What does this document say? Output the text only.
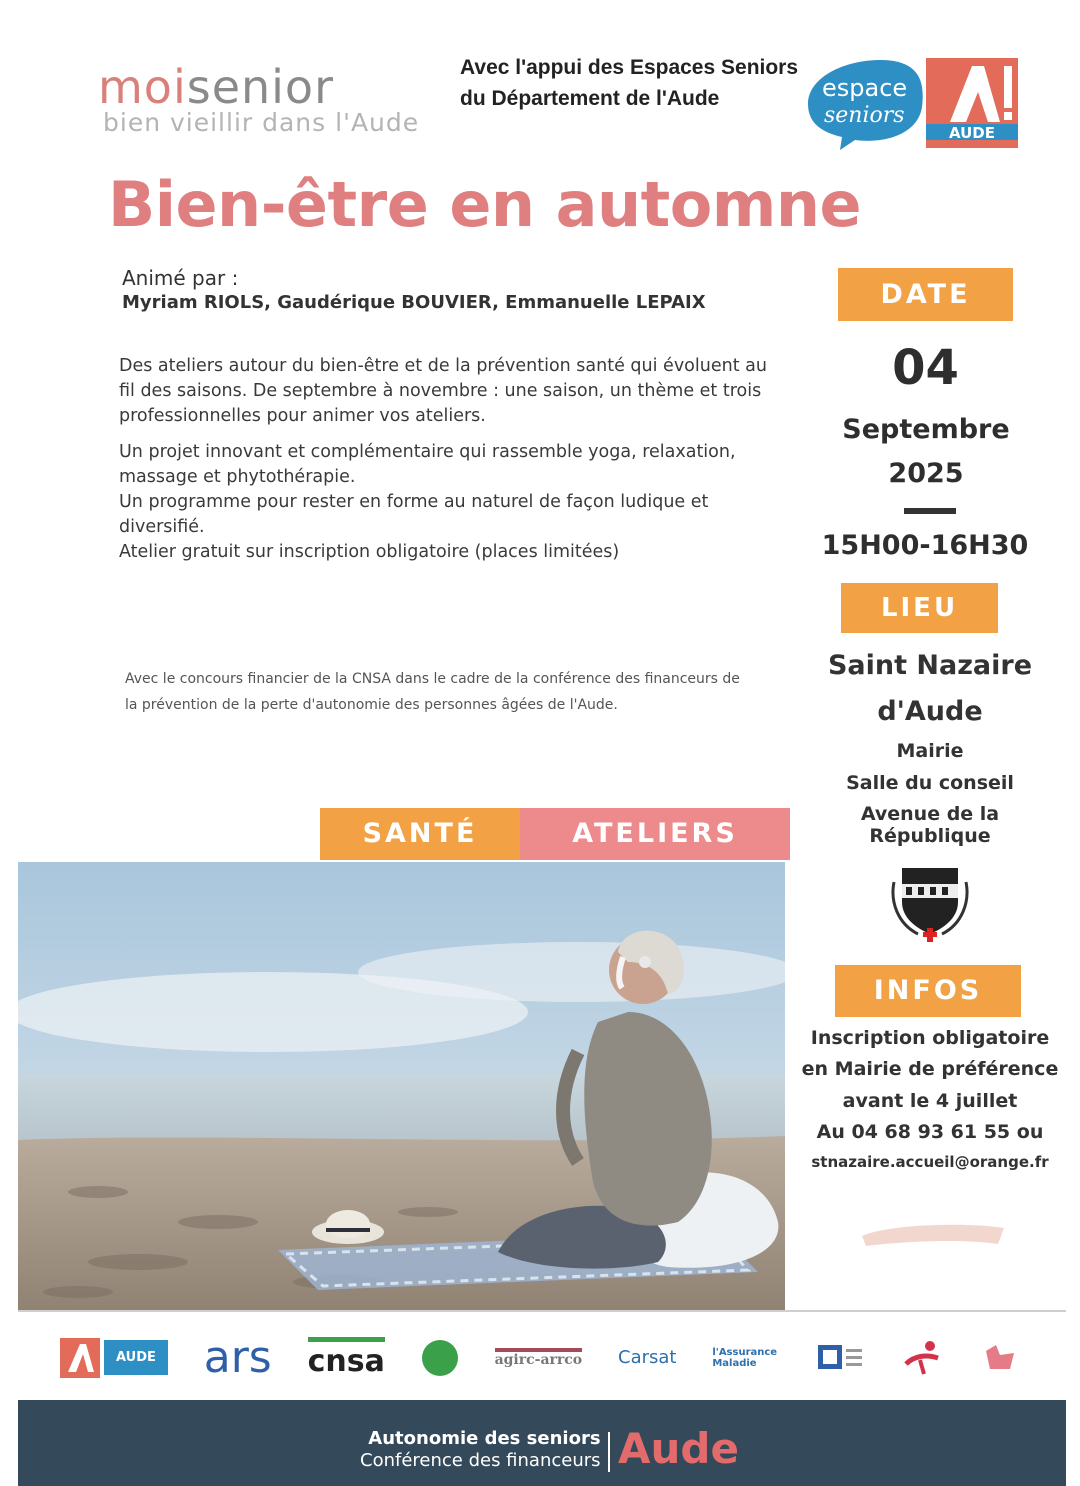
moisenior
bien vieillir dans l'Aude
Avec l'appui des Espaces Seniors
du Département de l'Aude	espace
seniors
AUDE
Bien-être en automne
Animé par :
Myriam RIOLS, Gaudérique BOUVIER, Emmanuelle LEPAIX

Des ateliers autour du bien-être et de la prévention santé qui évoluent au fil des saisons. De septembre à novembre : une saison, un thème et trois professionnelles pour animer vos ateliers.

Un projet innovant et complémentaire qui rassemble yoga, relaxation, massage et phytothérapie.
Un programme pour rester en forme au naturel de façon ludique et diversifié.
Atelier gratuit sur inscription obligatoire (places limitées)

Avec le concours financier de la CNSA dans le cadre de la conférence des financeurs de la prévention de la perte d'autonomie des personnes âgées de l'Aude.

DATE
04
Septembre
2025
15H00-16H30
LIEU
Saint Nazaire
d'Aude
Mairie
Salle du conseil
Avenue de la République
INFOS
Inscription obligatoire
en Mairie de préférence
avant le 4 juillet
Au 04 68 93 61 55 ou
stnazaire.accueil@orange.fr
SANTÉ	ATELIERS
AUDE ars cnsa	agirc-arrco Carsat	l'Assurance Maladie
Autonomie des seniors
Conférence des financeurs Aude
